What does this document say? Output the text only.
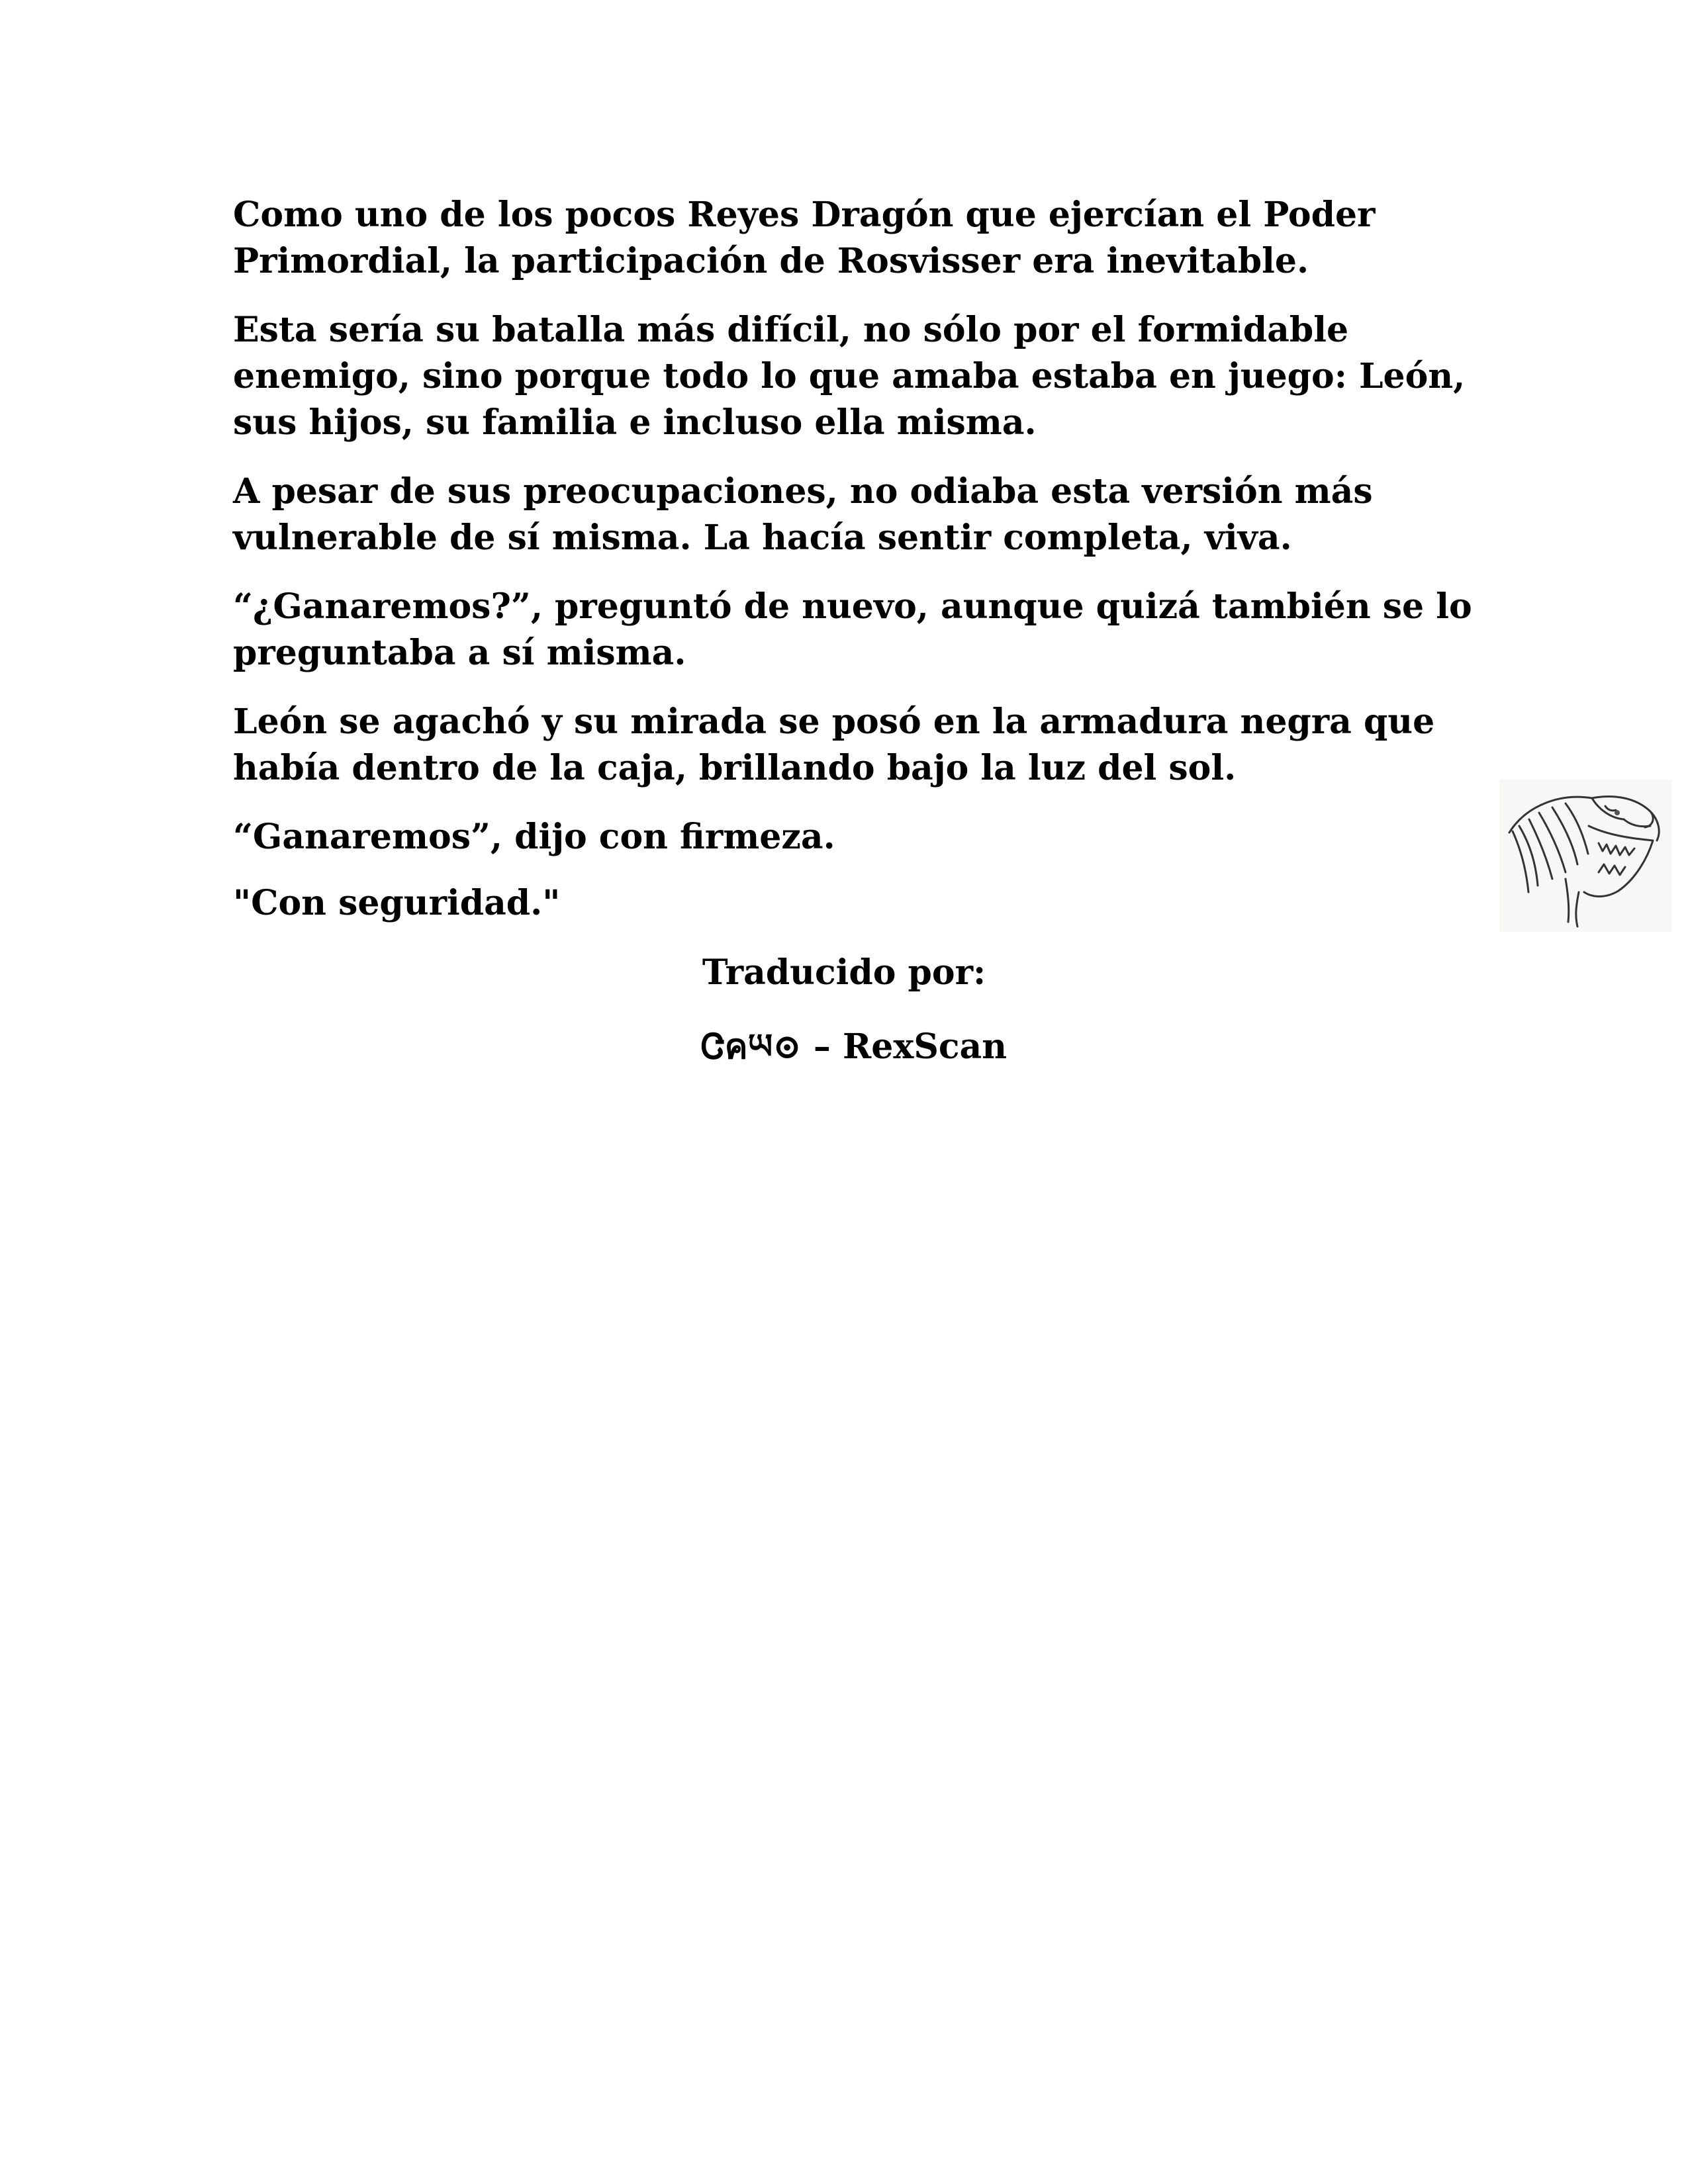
Como uno de los pocos Reyes Dragón que ejercían el Poder Primordial, la participación de Rosvisser era inevitable.

Esta sería su batalla más difícil, no sólo por el formidable enemigo, sino porque todo lo que amaba estaba en juego: León, sus hijos, su familia e incluso ella misma.

A pesar de sus preocupaciones, no odiaba esta versión más vulnerable de sí misma. La hacía sentir completa, viva.

“¿Ganaremos?”, preguntó de nuevo, aunque quizá también se lo preguntaba a sí misma.

León se agachó y su mirada se posó en la armadura negra que había dentro de la caja, brillando bajo la luz del sol.

“Ganaremos”, dijo con firmeza.

"Con seguridad."

Traducido por:
Ꮳคཡ⊙ – RexScan
